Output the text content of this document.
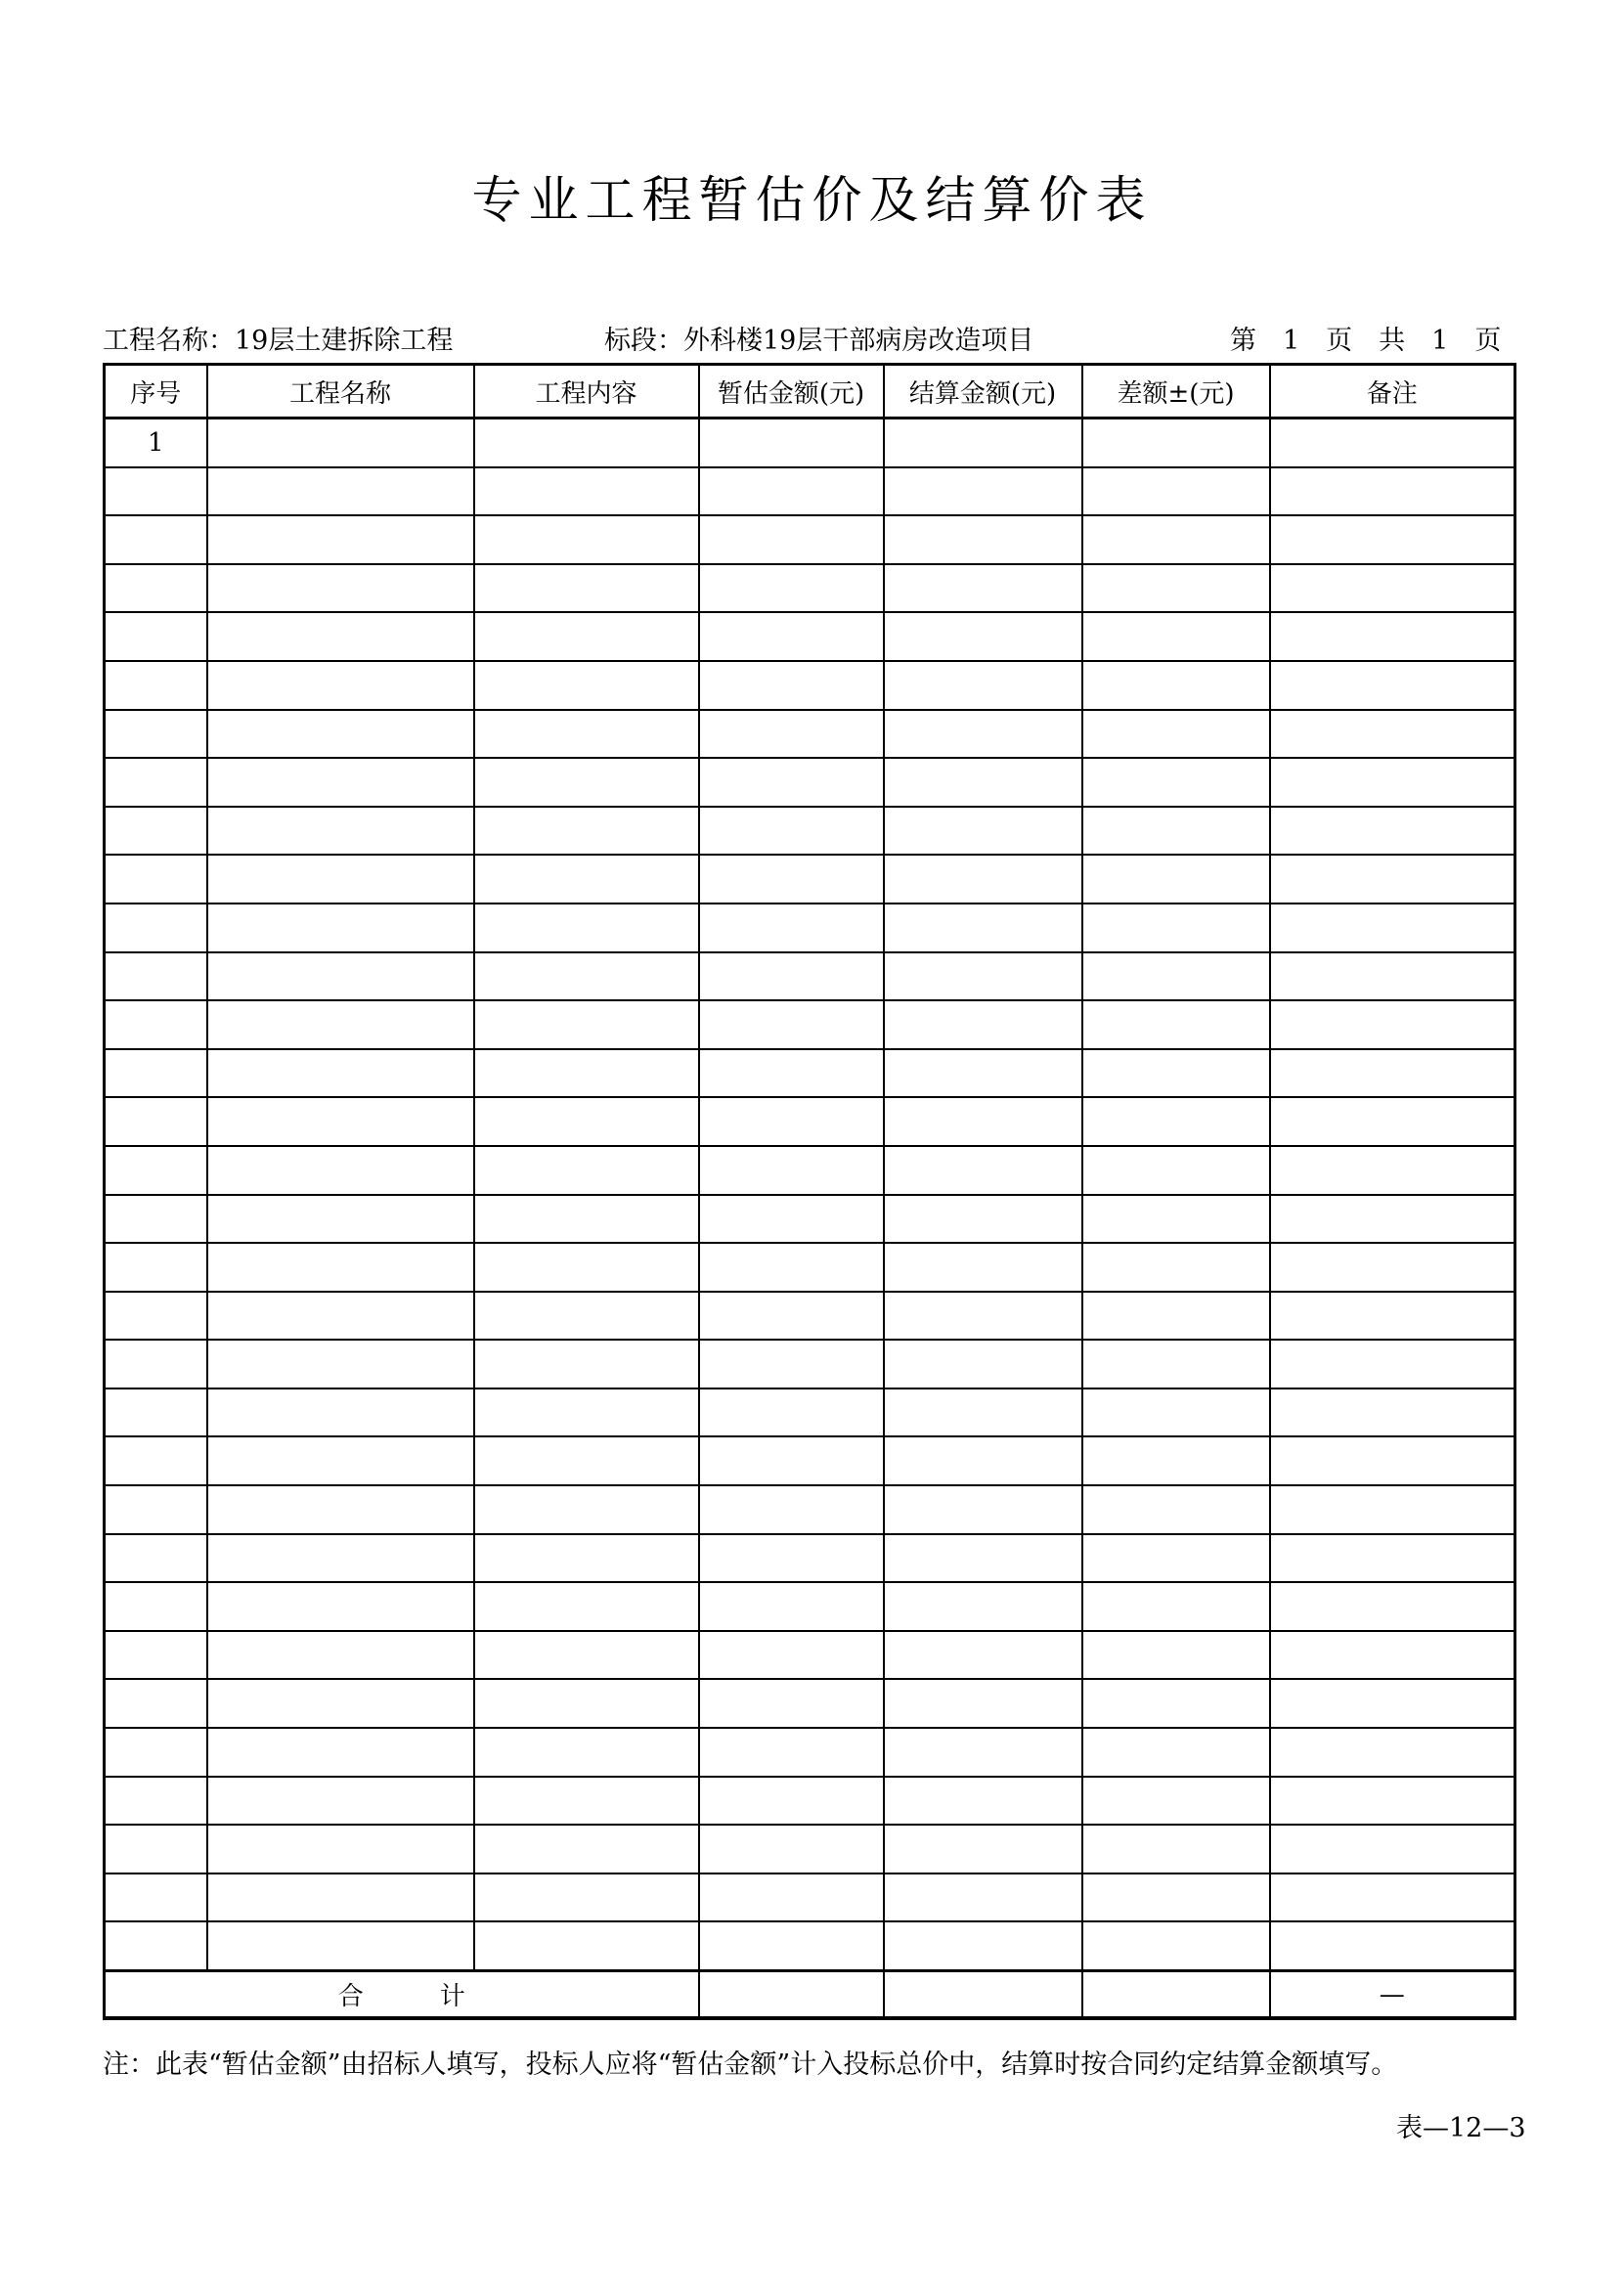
专业工程暂估价及结算价表
工程名称：19层土建拆除工程	标段：外科楼19层干部病房改造项目	第　1　页　共　1　页
序号	工程名称	工程内容	暂估金额(元)	结算金额(元)	差额±(元)	备注
1						

合　　　计						—
注：此表“暂估金额”由招标人填写，投标人应将“暂估金额”计入投标总价中，结算时按合同约定结算金额填写。
表—12—3
